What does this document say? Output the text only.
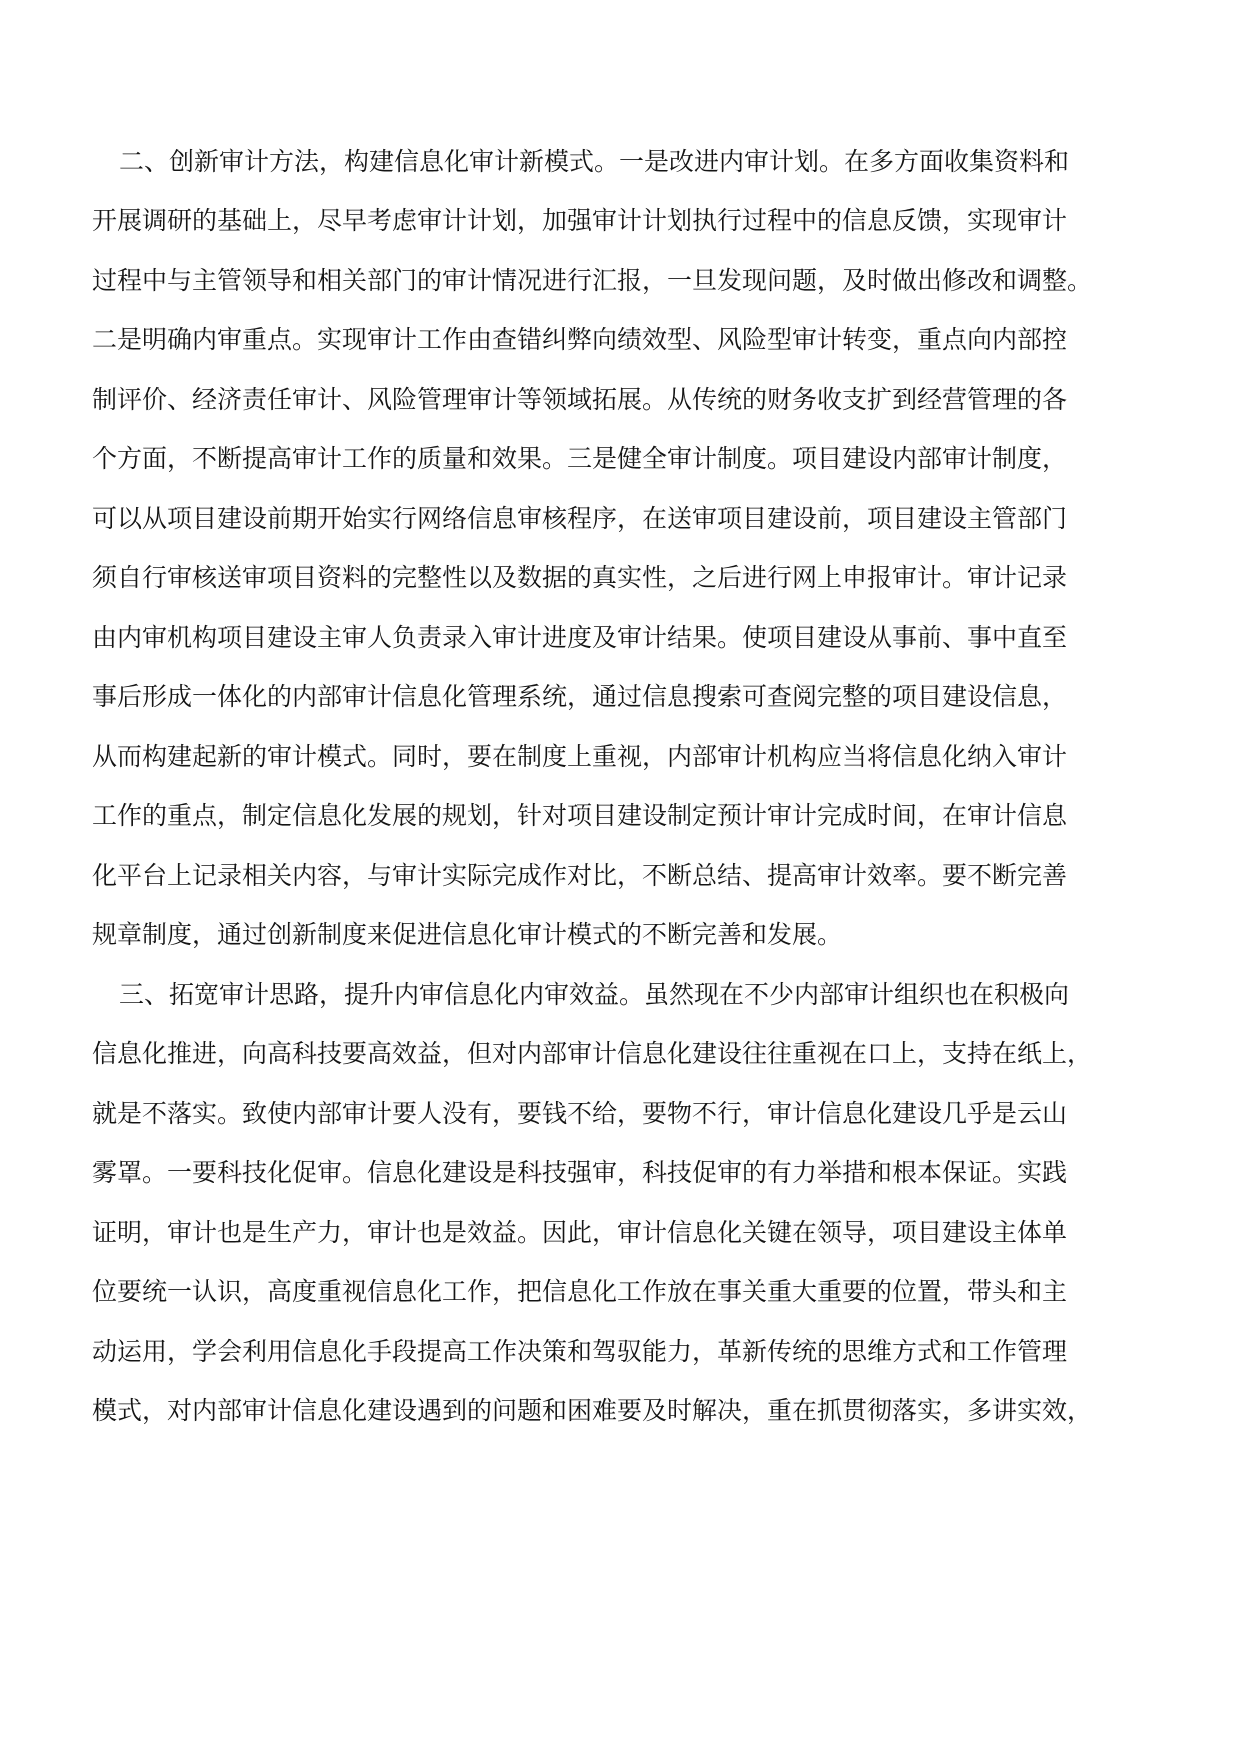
二、创新审计方法，构建信息化审计新模式。一是改进内审计划。在多方面收集资料和

开展调研的基础上，尽早考虑审计计划，加强审计计划执行过程中的信息反馈，实现审计

过程中与主管领导和相关部门的审计情况进行汇报，一旦发现问题，及时做出修改和调整。

二是明确内审重点。实现审计工作由查错纠弊向绩效型、风险型审计转变，重点向内部控

制评价、经济责任审计、风险管理审计等领域拓展。从传统的财务收支扩到经营管理的各

个方面，不断提高审计工作的质量和效果。三是健全审计制度。项目建设内部审计制度，

可以从项目建设前期开始实行网络信息审核程序，在送审项目建设前，项目建设主管部门

须自行审核送审项目资料的完整性以及数据的真实性，之后进行网上申报审计。审计记录

由内审机构项目建设主审人负责录入审计进度及审计结果。使项目建设从事前、事中直至

事后形成一体化的内部审计信息化管理系统，通过信息搜索可查阅完整的项目建设信息，

从而构建起新的审计模式。同时，要在制度上重视，内部审计机构应当将信息化纳入审计

工作的重点，制定信息化发展的规划，针对项目建设制定预计审计完成时间，在审计信息

化平台上记录相关内容，与审计实际完成作对比，不断总结、提高审计效率。要不断完善

规章制度，通过创新制度来促进信息化审计模式的不断完善和发展。

三、拓宽审计思路，提升内审信息化内审效益。虽然现在不少内部审计组织也在积极向

信息化推进，向高科技要高效益，但对内部审计信息化建设往往重视在口上，支持在纸上，

就是不落实。致使内部审计要人没有，要钱不给，要物不行，审计信息化建设几乎是云山

雾罩。一要科技化促审。信息化建设是科技强审，科技促审的有力举措和根本保证。实践

证明，审计也是生产力，审计也是效益。因此，审计信息化关键在领导，项目建设主体单

位要统一认识，高度重视信息化工作，把信息化工作放在事关重大重要的位置，带头和主

动运用，学会利用信息化手段提高工作决策和驾驭能力，革新传统的思维方式和工作管理

模式，对内部审计信息化建设遇到的问题和困难要及时解决，重在抓贯彻落实，多讲实效，
